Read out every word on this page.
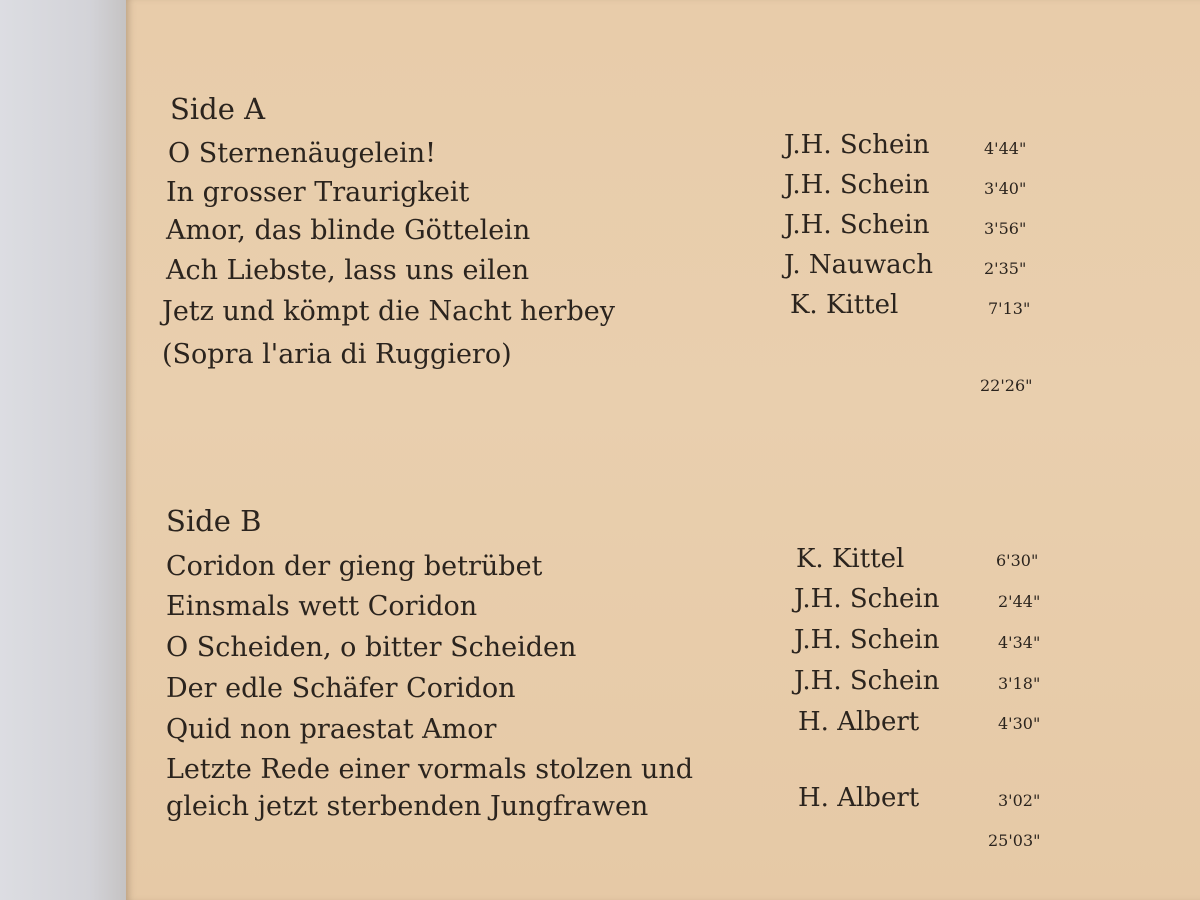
Side A
O Sternenäugelein!	J.H. Schein	4'44"
In grosser Traurigkeit	J.H. Schein	3'40"
Amor, das blinde Göttelein	J.H. Schein	3'56"
Ach Liebste, lass uns eilen	J. Nauwach	2'35"
Jetz und kömpt die Nacht herbey	K. Kittel	7'13"
(Sopra l'aria di Ruggiero)
22'26"
Side B
Coridon der gieng betrübet	K. Kittel	6'30"
Einsmals wett Coridon	J.H. Schein	2'44"
O Scheiden, o bitter Scheiden	J.H. Schein	4'34"
Der edle Schäfer Coridon	J.H. Schein	3'18"
Quid non praestat Amor	H. Albert	4'30"
Letzte Rede einer vormals stolzen und
gleich jetzt sterbenden Jungfrawen	H. Albert	3'02"
25'03"
